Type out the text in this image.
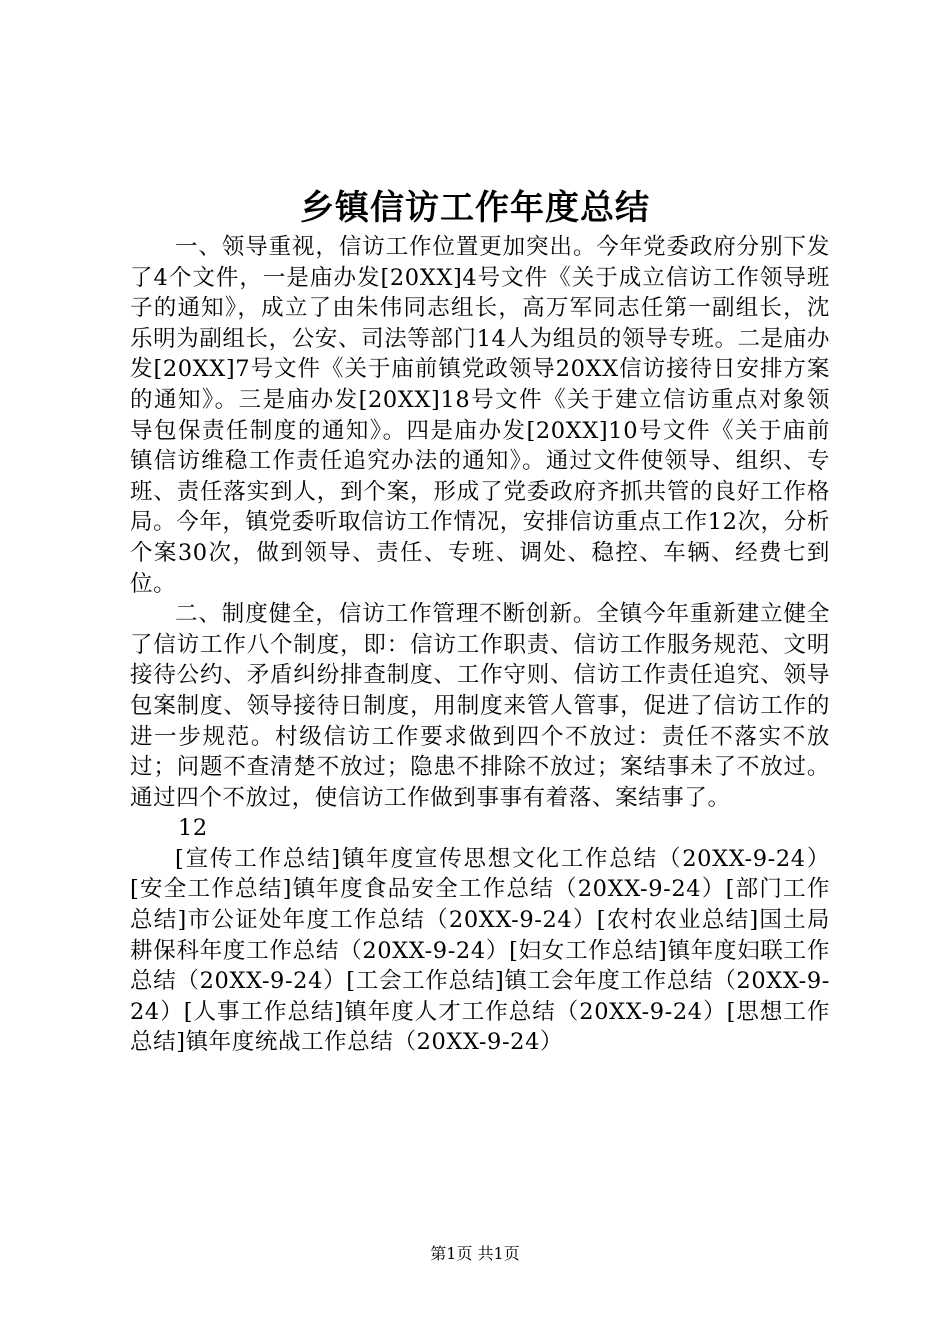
乡镇信访工作年度总结

一、领导重视，信访工作位置更加突出。今年党委政府分别下发了4个文件，一是庙办发[20XX]4号文件《关于成立信访工作领导班子的通知》，成立了由朱伟同志组长，高万军同志任第一副组长，沈乐明为副组长，公安、司法等部门14人为组员的领导专班。二是庙办发[20XX]7号文件《关于庙前镇党政领导20XX信访接待日安排方案的通知》。三是庙办发[20XX]18号文件《关于建立信访重点对象领导包保责任制度的通知》。四是庙办发[20XX]10号文件《关于庙前镇信访维稳工作责任追究办法的通知》。通过文件使领导、组织、专班、责任落实到人，到个案，形成了党委政府齐抓共管的良好工作格局。今年，镇党委听取信访工作情况，安排信访重点工作12次，分析个案30次，做到领导、责任、专班、调处、稳控、车辆、经费七到位。

二、制度健全，信访工作管理不断创新。全镇今年重新建立健全了信访工作八个制度，即：信访工作职责、信访工作服务规范、文明接待公约、矛盾纠纷排查制度、工作守则、信访工作责任追究、领导包案制度、领导接待日制度，用制度来管人管事，促进了信访工作的进一步规范。村级信访工作要求做到四个不放过：责任不落实不放过；问题不查清楚不放过；隐患不排除不放过；案结事未了不放过。通过四个不放过，使信访工作做到事事有着落、案结事了。

12

[宣传工作总结]镇年度宣传思想文化工作总结（20XX-9-24）[安全工作总结]镇年度食品安全工作总结（20XX-9-24）[部门工作总结]市公证处年度工作总结（20XX-9-24）[农村农业总结]国土局耕保科年度工作总结（20XX-9-24）[妇女工作总结]镇年度妇联工作总结（20XX-9-24）[工会工作总结]镇工会年度工作总结（20XX-9-24）[人事工作总结]镇年度人才工作总结（20XX-9-24）[思想工作总结]镇年度统战工作总结（20XX-9-24）

第1页 共1页
